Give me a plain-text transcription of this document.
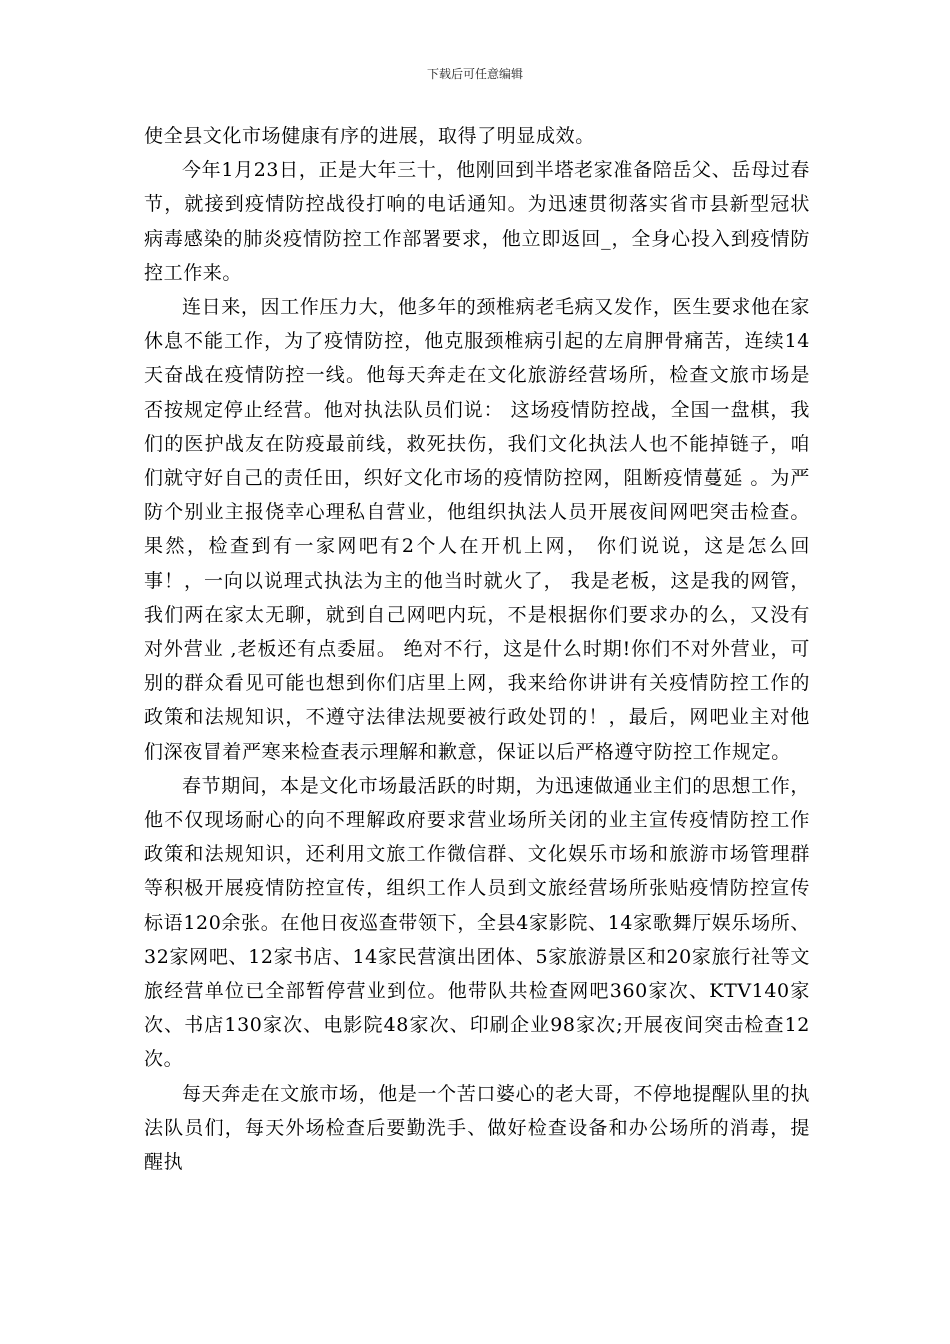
下载后可任意编辑

使全县文化市场健康有序的进展，取得了明显成效。

今年1月23日，正是大年三十，他刚回到半塔老家准备陪岳父、岳母过春节，就接到疫情防控战役打响的电话通知。为迅速贯彻落实省市县新型冠状病毒感染的肺炎疫情防控工作部署要求，他立即返回_，全身心投入到疫情防控工作来。

连日来，因工作压力大，他多年的颈椎病老毛病又发作，医生要求他在家休息不能工作，为了疫情防控，他克服颈椎病引起的左肩胛骨痛苦，连续14天奋战在疫情防控一线。他每天奔走在文化旅游经营场所，检查文旅市场是否按规定停止经营。他对执法队员们说： 这场疫情防控战，全国一盘棋，我们的医护战友在防疫最前线，救死扶伤，我们文化执法人也不能掉链子，咱们就守好自己的责任田，织好文化市场的疫情防控网，阻断疫情蔓延 。为严防个别业主报侥幸心理私自营业，他组织执法人员开展夜间网吧突击检查。果然，检查到有一家网吧有2个人在开机上网， 你们说说，这是怎么回事！，一向以说理式执法为主的他当时就火了， 我是老板，这是我的网管，我们两在家太无聊，就到自己网吧内玩，不是根据你们要求办的么，又没有对外营业 ,老板还有点委屈。 绝对不行，这是什么时期!你们不对外营业，可别的群众看见可能也想到你们店里上网，我来给你讲讲有关疫情防控工作的政策和法规知识，不遵守法律法规要被行政处罚的！，最后，网吧业主对他们深夜冒着严寒来检查表示理解和歉意，保证以后严格遵守防控工作规定。

春节期间，本是文化市场最活跃的时期，为迅速做通业主们的思想工作，他不仅现场耐心的向不理解政府要求营业场所关闭的业主宣传疫情防控工作政策和法规知识，还利用文旅工作微信群、文化娱乐市场和旅游市场管理群等积极开展疫情防控宣传，组织工作人员到文旅经营场所张贴疫情防控宣传标语120余张。在他日夜巡查带领下，全县4家影院、14家歌舞厅娱乐场所、32家网吧、12家书店、14家民营演出团体、5家旅游景区和20家旅行社等文旅经营单位已全部暂停营业到位。他带队共检查网吧360家次、KTV140家次、书店130家次、电影院48家次、印刷企业98家次;开展夜间突击检查12次。

每天奔走在文旅市场，他是一个苦口婆心的老大哥，不停地提醒队里的执法队员们，每天外场检查后要勤洗手、做好检查设备和办公场所的消毒，提醒执
